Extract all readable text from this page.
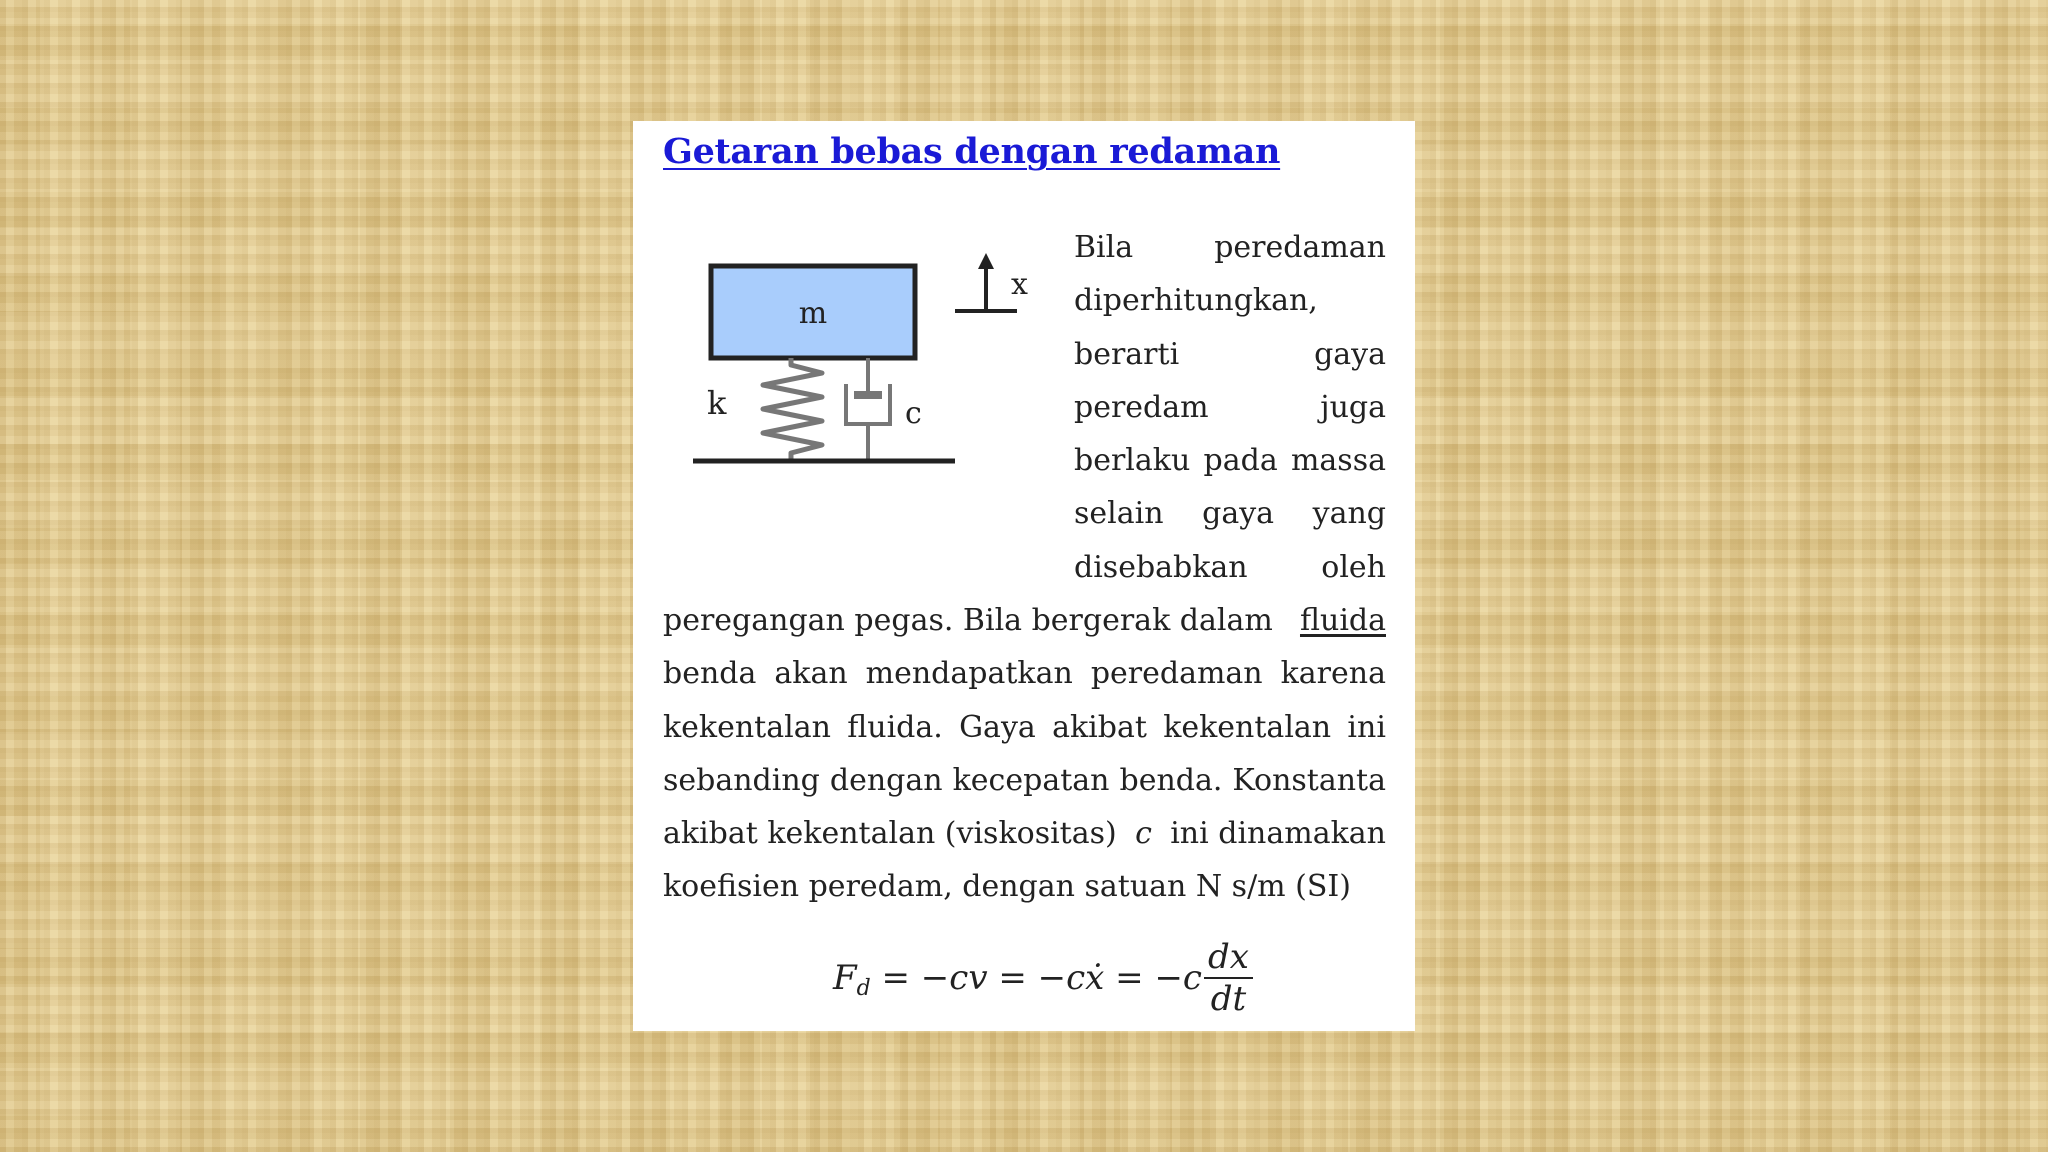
Getaran bebas dengan redaman
m
x
k	c
Bila	peredaman
diperhitungkan,
berarti	gaya
peredam	juga
berlaku pada massa
selain gaya yang
disebabkan oleh
peregangan pegas. Bila bergerak dalam fluida
benda akan mendapatkan peredaman karena
kekentalan fluida. Gaya akibat kekentalan ini
sebanding dengan kecepatan benda. Konstanta
akibat kekentalan (viskositas) c ini dinamakan
koefisien peredam, dengan satuan N s/m (SI)
F d = −cv = −cẋ = $-c \frac{dx}{dt}$
